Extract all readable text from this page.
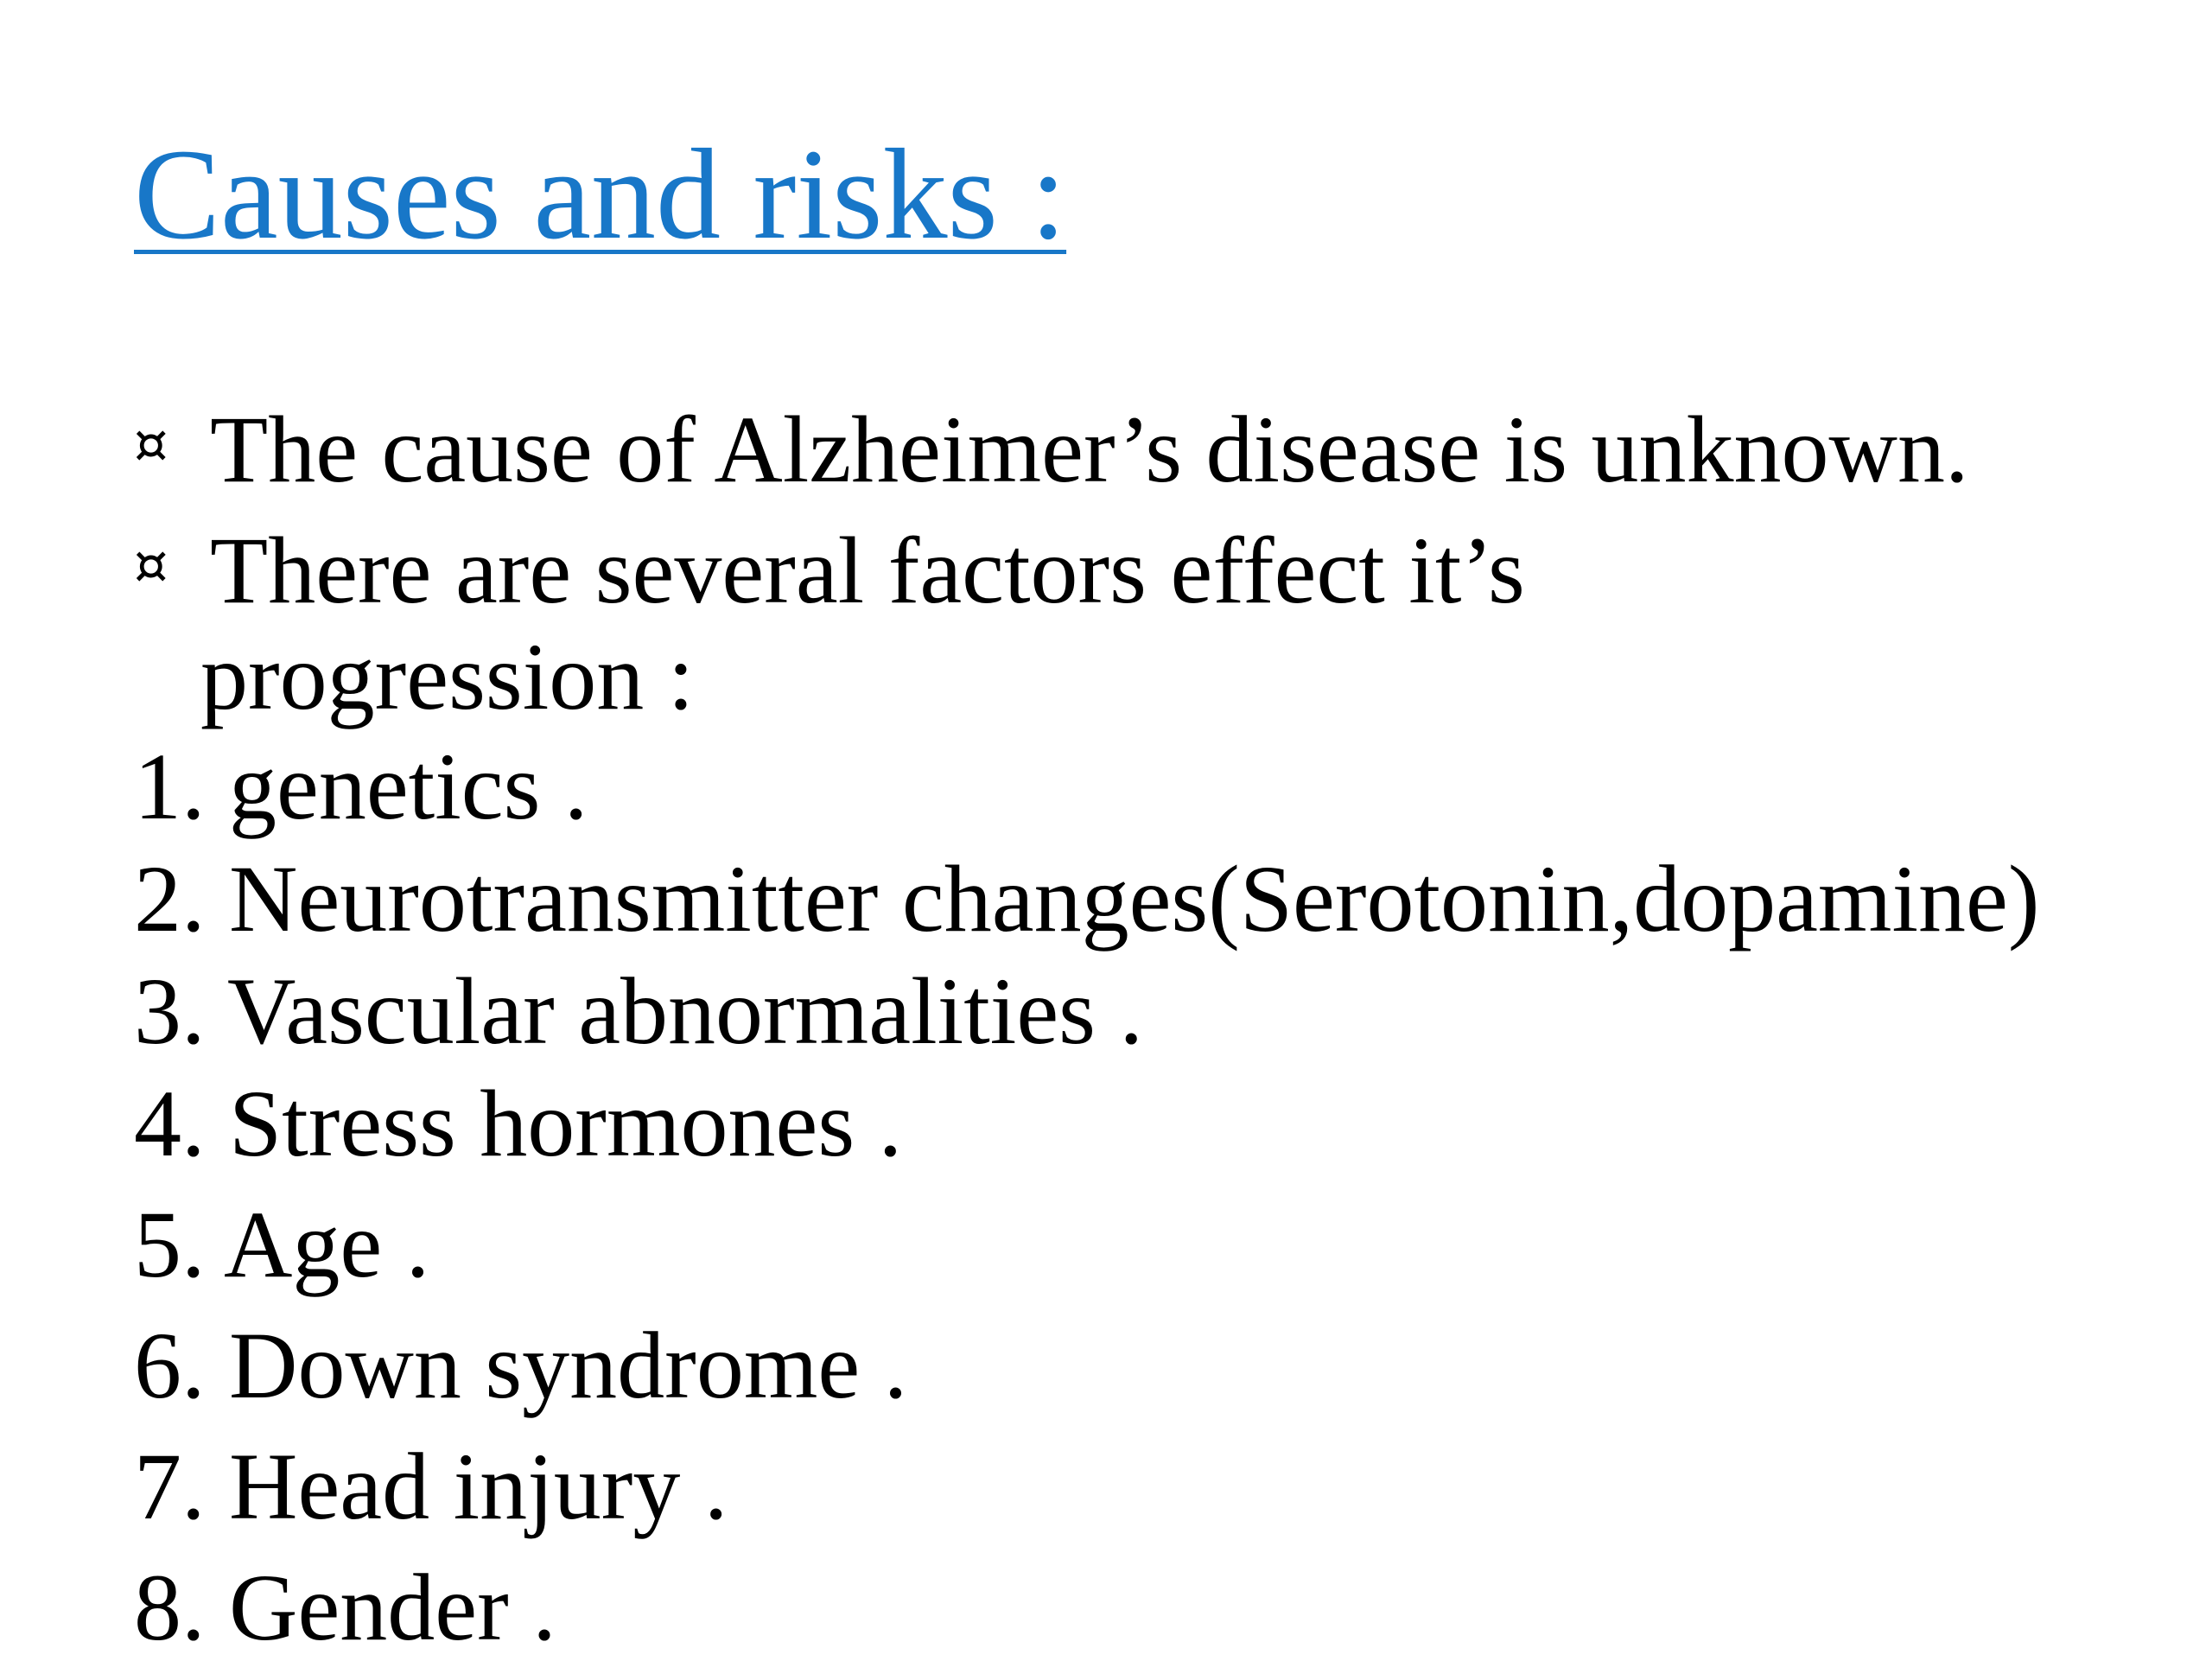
Causes and risks :
¤ The cause of Alzheimer’s disease is unknown.
¤ There are several factors effect it’s
progression :
1. genetics .
2. Neurotransmitter changes(Serotonin,dopamine)
3. Vascular abnormalities .
4. Stress hormones .
5. Age .
6. Down syndrome .
7. Head injury .
8. Gender .
